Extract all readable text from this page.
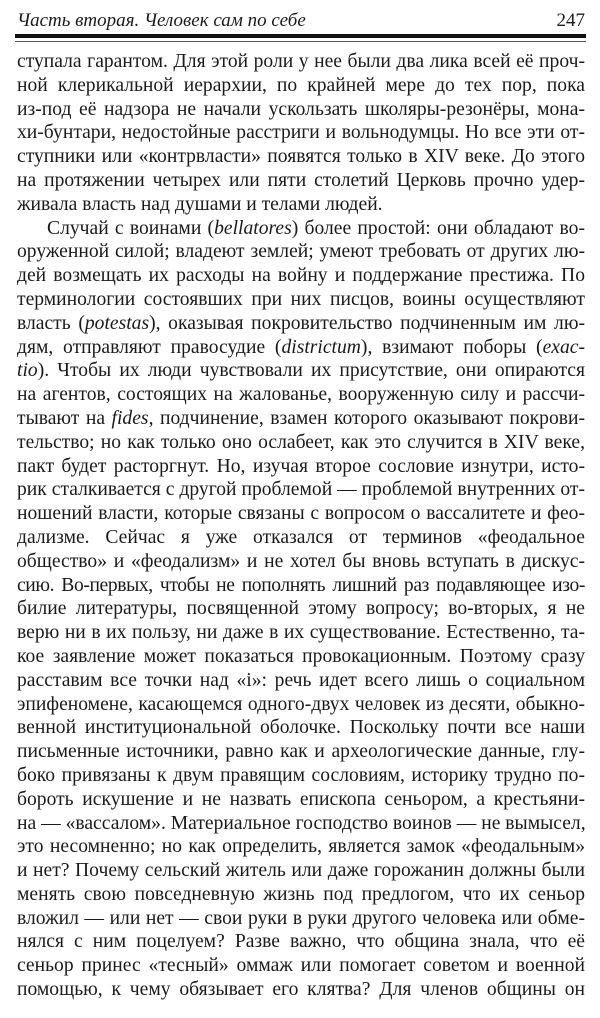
Часть вторая. Человек сам по себе	247
ступала гарантом. Для этой роли у нее были два лика всей её проч-
ной клерикальной иерархии, по крайней мере до тех пор, пока
из-под её надзора не начали ускользать школяры-резонёры, мона-
хи-бунтари, недостойные расстриги и вольнодумцы. Но все эти от-
ступники или «контрвласти» появятся только в XIV веке. До этого
на протяжении четырех или пяти столетий Церковь прочно удер-
живала власть над душами и телами людей.
Случай с воинами (bellatores) более простой: они обладают во-
оруженной силой; владеют землей; умеют требовать от других лю-
дей возмещать их расходы на войну и поддержание престижа. По
терминологии состоявших при них писцов, воины осуществляют
власть (potestas), оказывая покровительство подчиненным им лю-
дям, отправляют правосудие (districtum), взимают поборы (exac-
tio). Чтобы их люди чувствовали их присутствие, они опираются
на агентов, состоящих на жалованье, вооруженную силу и рассчи-
тывают на fides, подчинение, взамен которого оказывают покрови-
тельство; но как только оно ослабеет, как это случится в XIV веке,
пакт будет расторгнут. Но, изучая второе сословие изнутри, исто-
рик сталкивается с другой проблемой — проблемой внутренних от-
ношений власти, которые связаны с вопросом о вассалитете и фео-
дализме. Сейчас я уже отказался от терминов «феодальное
общество» и «феодализм» и не хотел бы вновь вступать в дискус-
сию. Во-первых, чтобы не пополнять лишний раз подавляющее изо-
билие литературы, посвященной этому вопросу; во-вторых, я не
верю ни в их пользу, ни даже в их существование. Естественно, та-
кое заявление может показаться провокационным. Поэтому сразу
расставим все точки над «i»: речь идет всего лишь о социальном
эпифеномене, касающемся одного-двух человек из десяти, обыкно-
венной институциональной оболочке. Поскольку почти все наши
письменные источники, равно как и археологические данные, глу-
боко привязаны к двум правящим сословиям, историку трудно по-
бороть искушение и не назвать епископа сеньором, а крестьяни-
на — «вассалом». Материальное господство воинов — не вымысел,
это несомненно; но как определить, является замок «феодальным»
и нет? Почему сельский житель или даже горожанин должны были
менять свою повседневную жизнь под предлогом, что их сеньор
вложил — или нет — свои руки в руки другого человека или обме-
нялся с ним поцелуем? Разве важно, что община знала, что её
сеньор принес «тесный» оммаж или помогает советом и военной
помощью, к чему обязывает его клятва? Для членов общины он
